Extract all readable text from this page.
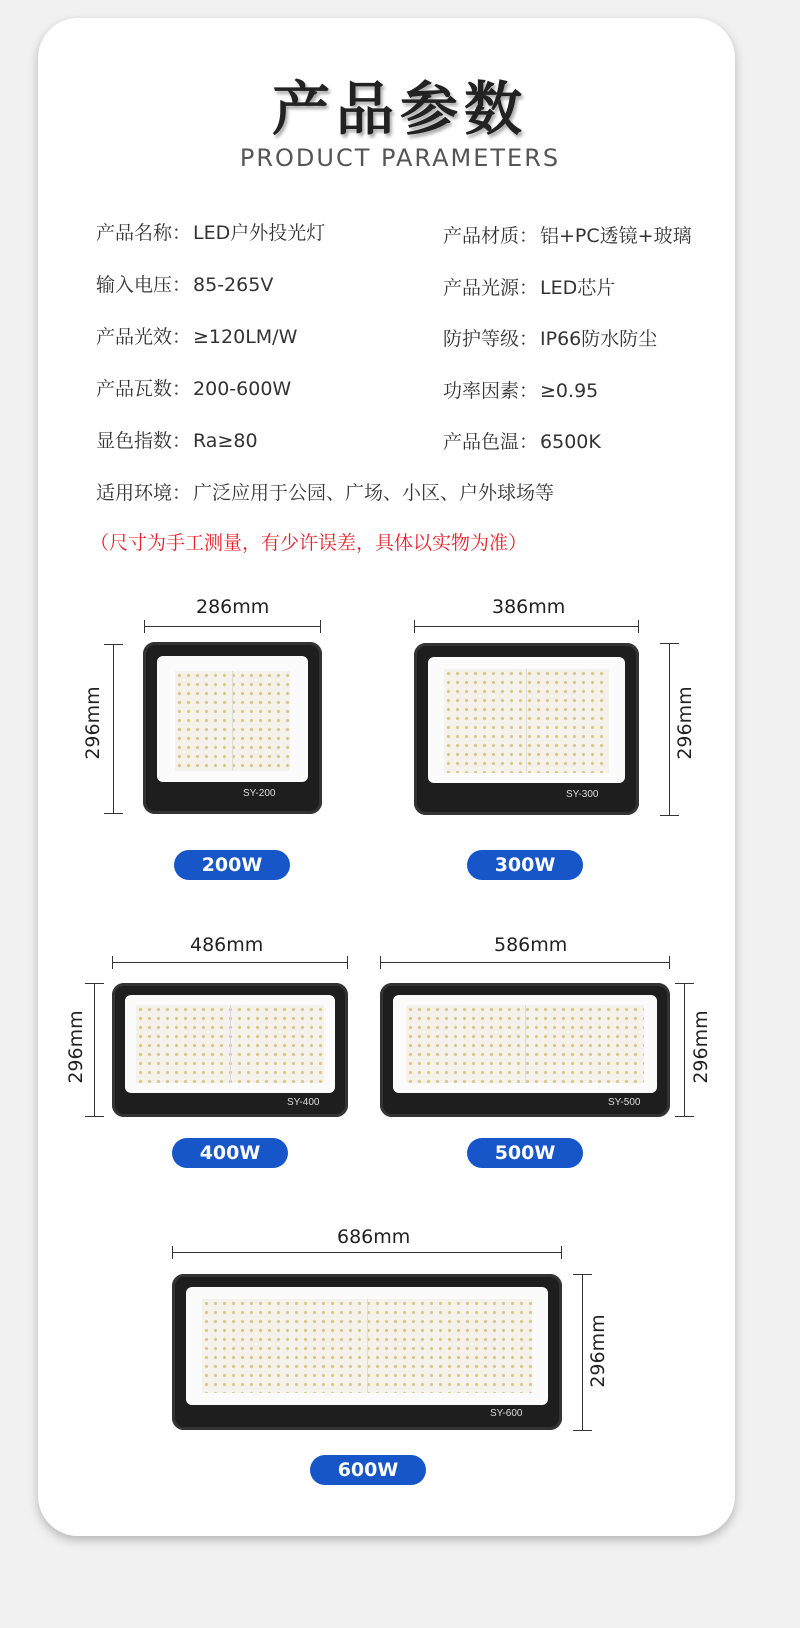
产品参数
PRODUCT PARAMETERS
产品名称： LED户外投光灯	产品材质： 铝+PC透镜+玻璃
输入电压： 85-265V	产品光源： LED芯片
产品光效： ≥120LM/W	防护等级： IP66防水防尘
产品瓦数： 200-600W	功率因素： ≥0.95
显色指数： Ra≥80	产品色温： 6500K
适用环境： 广泛应用于公园、广场、小区、户外球场等
（尺寸为手工测量，有少许误差，具体以实物为准）
286mm
296mm
SY-200
200W
386mm
SY-300
296mm
300W
486mm
296mm
SY-400
400W
586mm
SY-500
296mm
500W
686mm
SY-600
296mm
600W
